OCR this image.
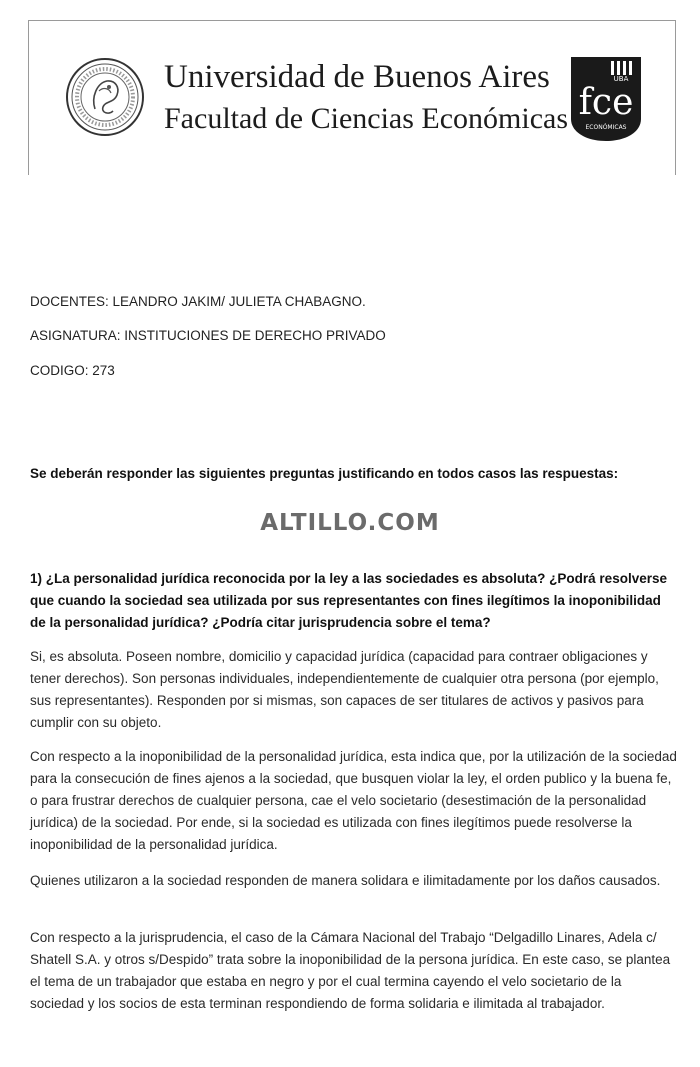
Universidad de Buenos Aires
Facultad de Ciencias Económicas
UBA
fce
ECONÓMICAS
DOCENTES: LEANDRO JAKIM/ JULIETA CHABAGNO.
ASIGNATURA: INSTITUCIONES DE DERECHO PRIVADO
CODIGO: 273
Se deberán responder las siguientes preguntas justificando en todos casos las respuestas:
ALTILLO.COM
1) ¿La personalidad jurídica reconocida por la ley a las sociedades es absoluta? ¿Podrá resolverse que cuando la sociedad sea utilizada por sus representantes con fines ilegítimos la inoponibilidad de la personalidad jurídica? ¿Podría citar jurisprudencia sobre el tema?
Si, es absoluta. Poseen nombre, domicilio y capacidad jurídica (capacidad para contraer obligaciones y tener derechos). Son personas individuales, independientemente de cualquier otra persona (por ejemplo, sus representantes). Responden por si mismas, son capaces de ser titulares de activos y pasivos para cumplir con su objeto.
Con respecto a la inoponibilidad de la personalidad jurídica, esta indica que, por la utilización de la sociedad para la consecución de fines ajenos a la sociedad, que busquen violar la ley, el orden publico y la buena fe, o para frustrar derechos de cualquier persona, cae el velo societario (desestimación de la personalidad jurídica) de la sociedad. Por ende, si la sociedad es utilizada con fines ilegítimos puede resolverse la inoponibilidad de la personalidad jurídica.
Quienes utilizaron a la sociedad responden de manera solidara e ilimitadamente por los daños causados.
Con respecto a la jurisprudencia, el caso de la Cámara Nacional del Trabajo “Delgadillo Linares, Adela c/ Shatell S.A. y otros s/Despido” trata sobre la inoponibilidad de la persona jurídica. En este caso, se plantea el tema de un trabajador que estaba en negro y por el cual termina cayendo el velo societario de la sociedad y los socios de esta terminan respondiendo de forma solidaria e ilimitada al trabajador.
